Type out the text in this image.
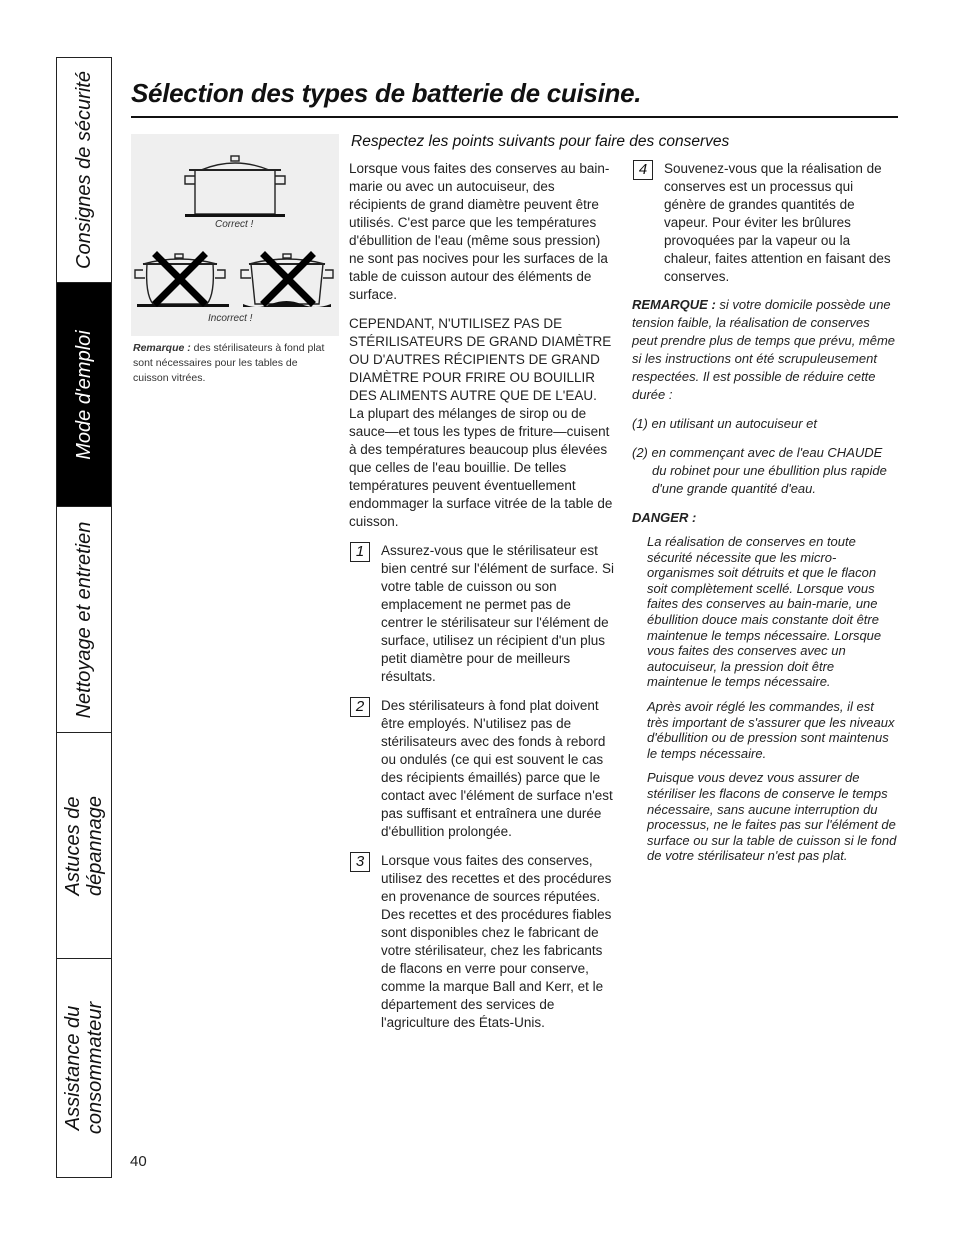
Consignes de sécurité
Mode d'emploi
Nettoyage et entretien
Astuces de
dépannage
Assistance du
consommateur
Sélection des types de batterie de cuisine.
Correct !
Incorrect !
Remarque : des stérilisateurs à fond plat sont nécessaires pour les tables de cuisson vitrées.
Respectez les points suivants pour faire des conserves

Lorsque vous faites des conserves au bain-marie ou avec un autocuiseur, des récipients de grand diamètre peuvent être utilisés. C'est parce que les températures d'ébullition de l'eau (même sous pression) ne sont pas nocives pour les surfaces de la table de cuisson autour des éléments de surface.

CEPENDANT, N'UTILISEZ PAS DE STÉRILISATEURS DE GRAND DIAMÈTRE OU D'AUTRES RÉCIPIENTS DE GRAND DIAMÈTRE POUR FRIRE OU BOUILLIR DES ALIMENTS AUTRE QUE DE L'EAU.

La plupart des mélanges de sirop ou de sauce—et tous les types de friture—cuisent à des températures beaucoup plus élevées que celles de l'eau bouillie. De telles températures peuvent éventuellement endommager la surface vitrée de la table de cuisson.

1	Assurez-vous que le stérilisateur est bien centré sur l'élément de surface. Si votre table de cuisson ou son emplacement ne permet pas de centrer le stérilisateur sur l'élément de surface, utilisez un récipient d'un plus petit diamètre pour de meilleurs résultats.
2	Des stérilisateurs à fond plat doivent être employés. N'utilisez pas de stérilisateurs avec des fonds à rebord ou ondulés (ce qui est souvent le cas des récipients émaillés) parce que le contact avec l'élément de surface n'est pas suffisant et entraînera une durée d'ébullition prolongée.
3	Lorsque vous faites des conserves, utilisez des recettes et des procédures en provenance de sources réputées. Des recettes et des procédures fiables sont disponibles chez le fabricant de votre stérilisateur, chez les fabricants de flacons en verre pour conserve, comme la marque Ball and Kerr, et le département des services de l'agriculture des États-Unis.
4	Souvenez-vous que la réalisation de conserves est un processus qui génère de grandes quantités de vapeur. Pour éviter les brûlures provoquées par la vapeur ou la chaleur, faites attention en faisant des conserves.

REMARQUE : si votre domicile possède une tension faible, la réalisation de conserves peut prendre plus de temps que prévu, même si les instructions ont été scrupuleusement respectées. Il est possible de réduire cette durée :

(1) en utilisant un autocuiseur et

(2) en commençant avec de l'eau CHAUDE du robinet pour une ébullition plus rapide d'une grande quantité d'eau.

DANGER :

La réalisation de conserves en toute sécurité nécessite que les micro-organismes soit détruits et que le flacon soit complètement scellé. Lorsque vous faites des conserves au bain-marie, une ébullition douce mais constante doit être maintenue le temps nécessaire. Lorsque vous faites des conserves avec un autocuiseur, la pression doit être maintenue le temps nécessaire.

Après avoir réglé les commandes, il est très important de s'assurer que les niveaux d'ébullition ou de pression sont maintenus le temps nécessaire.

Puisque vous devez vous assurer de stériliser les flacons de conserve le temps nécessaire, sans aucune interruption du processus, ne le faites pas sur l'élément de surface ou sur la table de cuisson si le fond de votre stérilisateur n'est pas plat.

40
